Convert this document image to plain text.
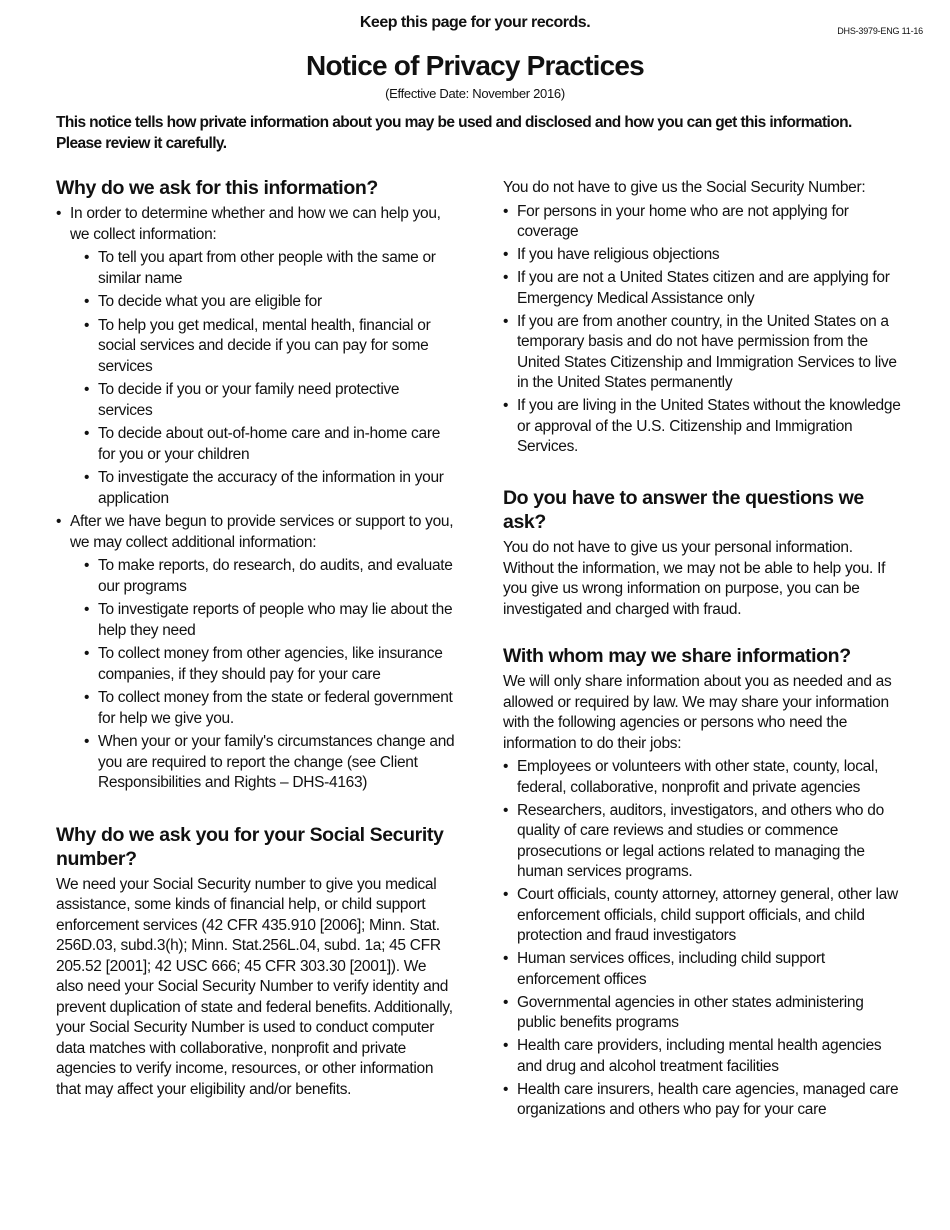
Keep this page for your records.	DHS-3979-ENG 11-16
Notice of Privacy Practices
(Effective Date: November 2016)
This notice tells how private information about you may be used and disclosed and how you can get this information.
Please review it carefully.
Why do we ask for this information?
• In order to determine whether and how we can help you, we collect information:
• To tell you apart from other people with the same or similar name
• To decide what you are eligible for
• To help you get medical, mental health, financial or social services and decide if you can pay for some services
• To decide if you or your family need protective services
• To decide about out-of-home care and in-home care for you or your children
• To investigate the accuracy of the information in your application
• After we have begun to provide services or support to you, we may collect additional information:
• To make reports, do research, do audits, and evaluate our programs
• To investigate reports of people who may lie about the help they need
• To collect money from other agencies, like insurance companies, if they should pay for your care
• To collect money from the state or federal government for help we give you.
• When your or your family's circumstances change and you are required to report the change (see Client Responsibilities and Rights – DHS-4163)
Why do we ask you for your Social Security number?

We need your Social Security number to give you medical assistance, some kinds of financial help, or child support enforcement services (42 CFR 435.910 [2006]; Minn. Stat. 256D.03, subd.3(h); Minn. Stat.256L.04, subd. 1a; 45 CFR 205.52 [2001]; 42 USC 666; 45 CFR 303.30 [2001]). We also need your Social Security Number to verify identity and prevent duplication of state and federal benefits. Additionally, your Social Security Number is used to conduct computer data matches with collaborative, nonprofit and private agencies to verify income, resources, or other information that may affect your eligibility and/or benefits.

You do not have to give us the Social Security Number:

• For persons in your home who are not applying for coverage
• If you have religious objections
• If you are not a United States citizen and are applying for Emergency Medical Assistance only
• If you are from another country, in the United States on a temporary basis and do not have permission from the United States Citizenship and Immigration Services to live in the United States permanently
• If you are living in the United States without the knowledge or approval of the U.S. Citizenship and Immigration Services.
Do you have to answer the questions we ask?

You do not have to give us your personal information. Without the information, we may not be able to help you. If you give us wrong information on purpose, you can be investigated and charged with fraud.

With whom may we share information?

We will only share information about you as needed and as allowed or required by law. We may share your information with the following agencies or persons who need the information to do their jobs:

• Employees or volunteers with other state, county, local, federal, collaborative, nonprofit and private agencies
• Researchers, auditors, investigators, and others who do quality of care reviews and studies or commence prosecutions or legal actions related to managing the human services programs.
• Court officials, county attorney, attorney general, other law enforcement officials, child support officials, and child protection and fraud investigators
• Human services offices, including child support enforcement offices
• Governmental agencies in other states administering public benefits programs
• Health care providers, including mental health agencies and drug and alcohol treatment facilities
• Health care insurers, health care agencies, managed care organizations and others who pay for your care
